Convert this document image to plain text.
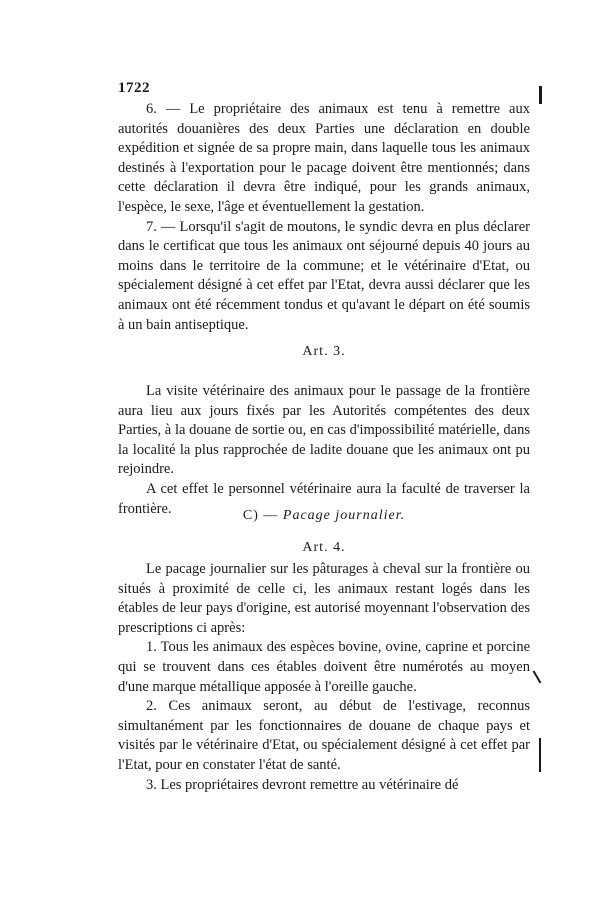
1722

6. — Le propriétaire des animaux est tenu à remettre aux autorités douanières des deux Parties une déclaration en double expédition et signée de sa propre main, dans laquelle tous les animaux destinés à l'exportation pour le pacage doivent être mentionnés; dans cette déclaration il devra être indiqué, pour les grands animaux, l'espèce, le sexe, l'âge et éventuellement la gestation.

7. — Lorsqu'il s'agit de moutons, le syndic devra en plus déclarer dans le certificat que tous les animaux ont séjourné depuis 40 jours au moins dans le territoire de la commune; et le vétérinaire d'Etat, ou spécialement désigné à cet effet par l'Etat, devra aussi déclarer que les animaux ont été récemment tondus et qu'avant le départ on été soumis à un bain antiseptique.

Art. 3.

La visite vétérinaire des animaux pour le passage de la frontière aura lieu aux jours fixés par les Autorités compétentes des deux Parties, à la douane de sortie ou, en cas d'impossibilité matérielle, dans la localité la plus rapprochée de ladite douane que les animaux ont pu rejoindre.

A cet effet le personnel vétérinaire aura la faculté de traverser la frontière.	C) — Pacage journalier.
Art. 4.

Le pacage journalier sur les pâturages à cheval sur la frontière ou situés à proximité de celle ci, les animaux restant logés dans les étables de leur pays d'origine, est autorisé moyennant l'observation des prescriptions ci après:

1. Tous les animaux des espèces bovine, ovine, caprine et porcine qui se trouvent dans ces étables doivent être numérotés au moyen d'une marque métallique apposée à l'oreille gauche.

2. Ces animaux seront, au début de l'estivage, reconnus simultanément par les fonctionnaires de douane de chaque pays et visités par le vétérinaire d'Etat, ou spécialement désigné à cet effet par l'Etat, pour en constater l'état de santé.

3. Les propriétaires devront remettre au vétérinaire dé
